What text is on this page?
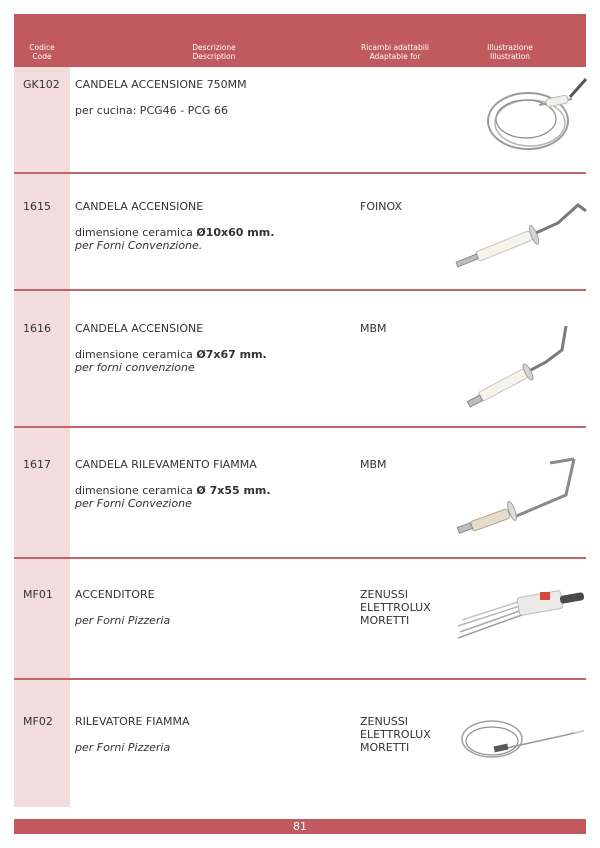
Codice
Code
Descrizione
Description
Ricambi adattabili
Adaptable for
Illustrazione
Illustration
GK102 CANDELA ACCENSIONE 750MM
per cucina: PCG46 - PCG 66
1615 CANDELA ACCENSIONE
dimensione ceramica Ø10x60 mm.
per Forni Convenzione.
FOINOX
1616 CANDELA ACCENSIONE
dimensione ceramica Ø7x67 mm.
per forni convenzione
MBM
1617 CANDELA RILEVAMENTO FIAMMA
dimensione ceramica Ø 7x55 mm.
per Forni Convezione
MBM
MF01 ACCENDITORE
per Forni Pizzeria
ZENUSSI
ELETTROLUX
MORETTI
MF02 RILEVATORE FIAMMA
per Forni Pizzeria
ZENUSSI
ELETTROLUX
MORETTI
81
